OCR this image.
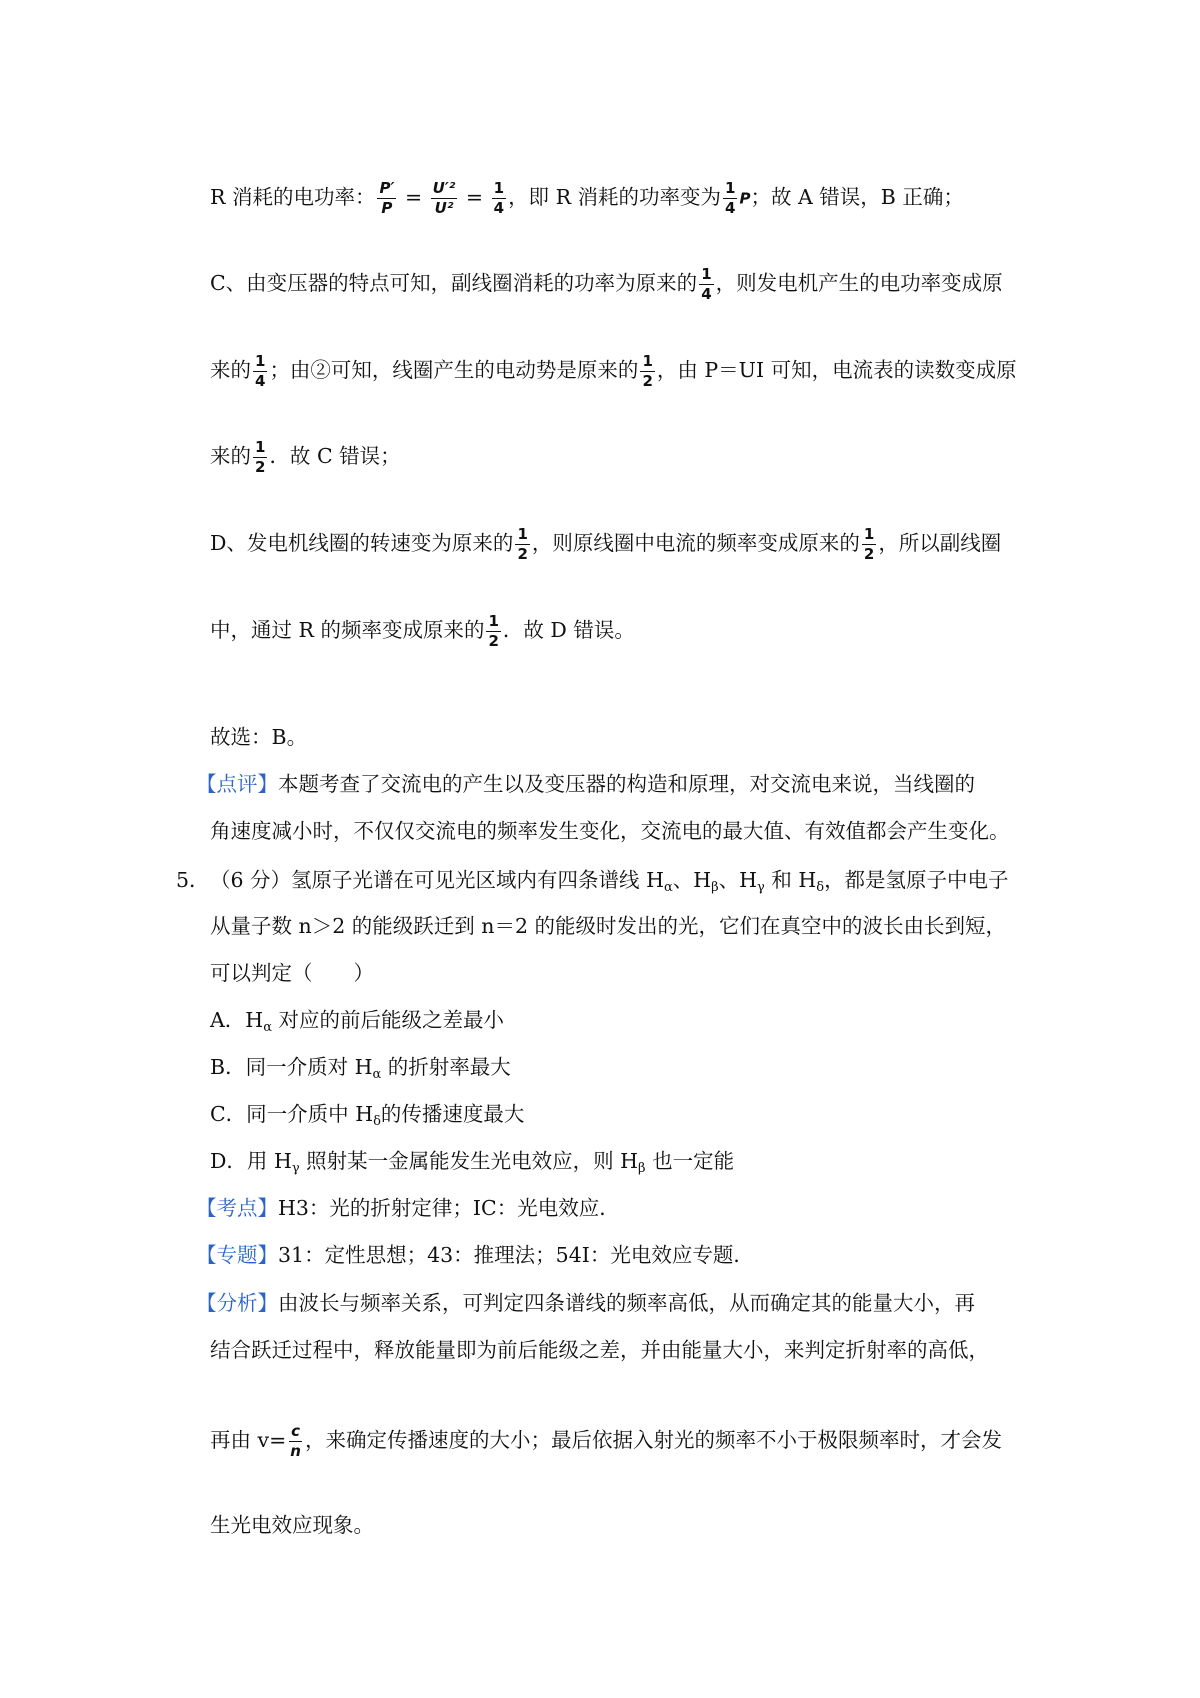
R 消耗的电功率： $\frac{P'}{P} = \frac{\text{U′²}}{\text{U²}} = \frac{1}{4}$ ，即 R 消耗的功率变为 $\frac{1}{4}$ P；故 A 错误，B 正确；
C、由变压器的特点可知，副线圈消耗的功率为原来的 $\frac{1}{4}$ ，则发电机产生的电功率变成原
来的 $\frac{1}{4}$ ；由②可知，线圈产生的电动势是原来的 $\frac{1}{2}$ ，由 P＝UI 可知，电流表的读数变成原
来的 $\frac{1}{2}$ ．故 C 错误；
D、发电机线圈的转速变为原来的 $\frac{1}{2}$ ，则原线圈中电流的频率变成原来的 $\frac{1}{2}$ ，所以副线圈
中，通过 R 的频率变成原来的 $\frac{1}{2}$ ．故 D 错误。
故选：B。
【点评】本题考查了交流电的产生以及变压器的构造和原理，对交流电来说，当线圈的
角速度减小时，不仅仅交流电的频率发生变化，交流电的最大值、有效值都会产生变化。
5． （6 分）氢原子光谱在可见光区域内有四条谱线 $H_\alpha$、$H_\beta$、$H_\gamma$ 和 $H_\delta$，都是氢原子中电子
从量子数 n＞2 的能级跃迁到 n＝2 的能级时发出的光，它们在真空中的波长由长到短，
可以判定（　　）
A．$H_\alpha$ 对应的前后能级之差最小
B．同一介质对 $H_\alpha$ 的折射率最大
C．同一介质中 $H_\delta$的传播速度最大
D．用 $H_\gamma$ 照射某一金属能发生光电效应，则 $H_\beta$ 也一定能
【考点】H3：光的折射定律；IC：光电效应．
【专题】31：定性思想；43：推理法；54I：光电效应专题．
【分析】由波长与频率关系，可判定四条谱线的频率高低，从而确定其的能量大小，再
结合跃迁过程中，释放能量即为前后能级之差，并由能量大小，来判定折射率的高低，
再由 $v= \frac{c}{n}$ ，来确定传播速度的大小；最后依据入射光的频率不小于极限频率时，才会发
生光电效应现象。
